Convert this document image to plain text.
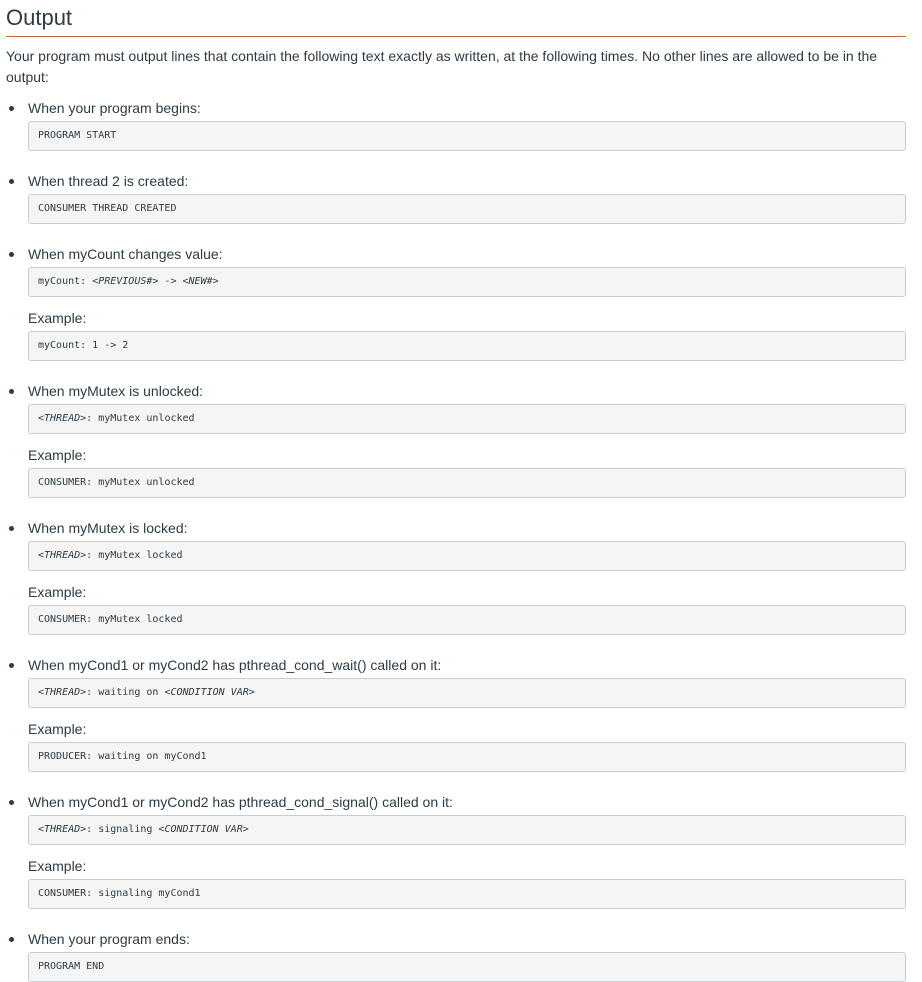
Output

Your program must output lines that contain the following text exactly as written, at the following times. No other lines are allowed to be in the output:

When your program begins:
PROGRAM START
When thread 2 is created:
CONSUMER THREAD CREATED
When myCount changes value:
myCount: <PREVIOUS#> -> <NEW#>
Example:
myCount: 1 -> 2
When myMutex is unlocked:
<THREAD>: myMutex unlocked
Example:
CONSUMER: myMutex unlocked
When myMutex is locked:
<THREAD>: myMutex locked
Example:
CONSUMER: myMutex locked
When myCond1 or myCond2 has pthread_cond_wait() called on it:
<THREAD>: waiting on <CONDITION VAR>
Example:
PRODUCER: waiting on myCond1
When myCond1 or myCond2 has pthread_cond_signal() called on it:
<THREAD>: signaling <CONDITION VAR>
Example:
CONSUMER: signaling myCond1
When your program ends:
PROGRAM END
